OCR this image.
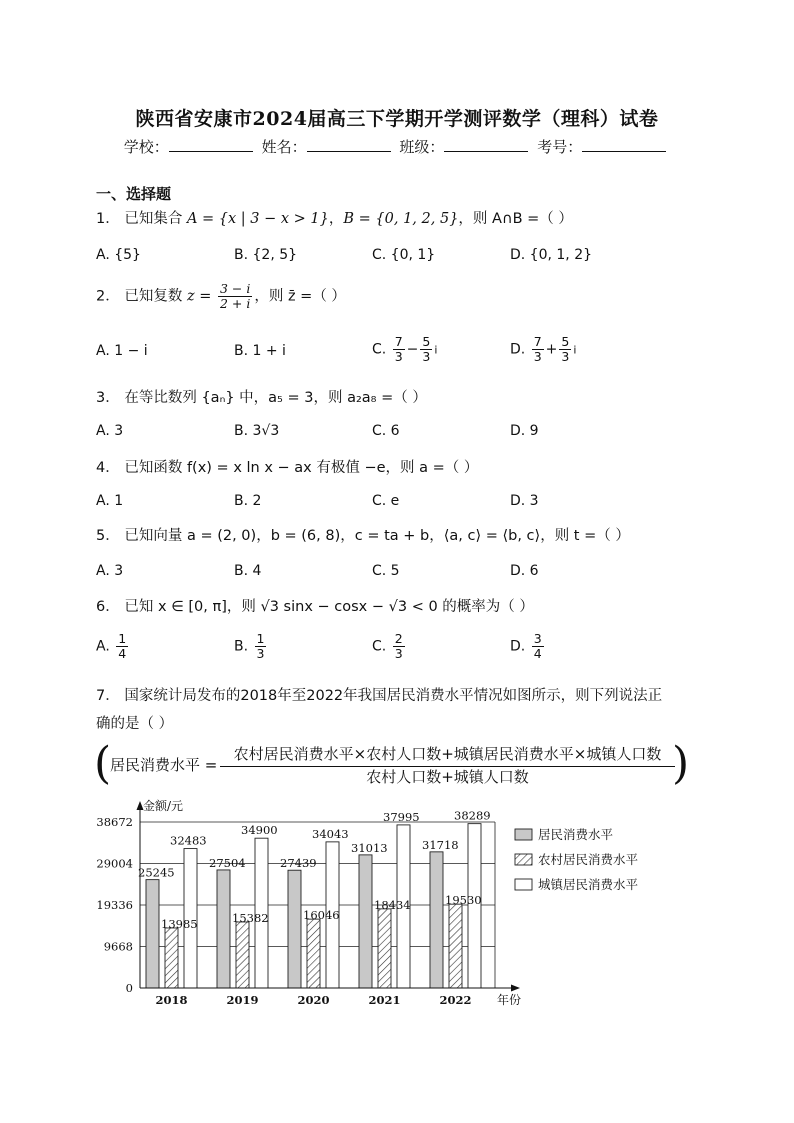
陕西省安康市2024届高三下学期开学测评数学（理科）试卷
学校：	姓名：	班级：	考号：
一、选择题
1． 已知集合 A = {x | 3 − x > 1}，B = {0, 1, 2, 5}，则 A∩B =（ ）
A. {5}	B. {2, 5}	C. {0, 1}	D. {0, 1, 2}
2． 已知复数 $z = \frac{3 - i}{2 + i}$ ，则 z̄ =（ ）
A. 1 − i	B. 1 + i	C. $\frac{7}{3} - \frac{5}{3}$ i	D. $\frac{7}{3} + \frac{5}{3}$ i
3． 在等比数列 {aₙ} 中，a₅ = 3，则 a₂a₈ =（ ）
A. 3	B. 3√3	C. 6	D. 9
4． 已知函数 f(x) = x ln x − ax 有极值 −e，则 a =（ ）
A. 1	B. 2	C. e	D. 3
5． 已知向量 a = (2, 0)，b = (6, 8)，c = ta + b，⟨a, c⟩ = ⟨b, c⟩，则 t =（ ）
A. 3	B. 4	C. 5	D. 6
6． 已知 x ∈ [0, π]，则 √3 sinx − cosx − √3 < 0 的概率为（ ）
A. $\frac{1}{4}$	B. $\frac{1}{3}$	C. $\frac{2}{3}$	D. $\frac{3}{4}$
7． 国家统计局发布的2018年至2022年我国居民消费水平情况如图所示，则下列说法正
确的是（ ）
(
居民消费水平 =
农村居民消费水平×农村人口数+城镇居民消费水平×城镇人口数
农村人口数+城镇人口数	)
0
9668
19336
29004
38672
25245
13985
32483
2018
27504
15382
34900
2019
27439
16046
34043
2020
31013
18434
37995
2021
31718
19530
38289
2022
金额/元
年份
居民消费水平
农村居民消费水平
城镇居民消费水平
